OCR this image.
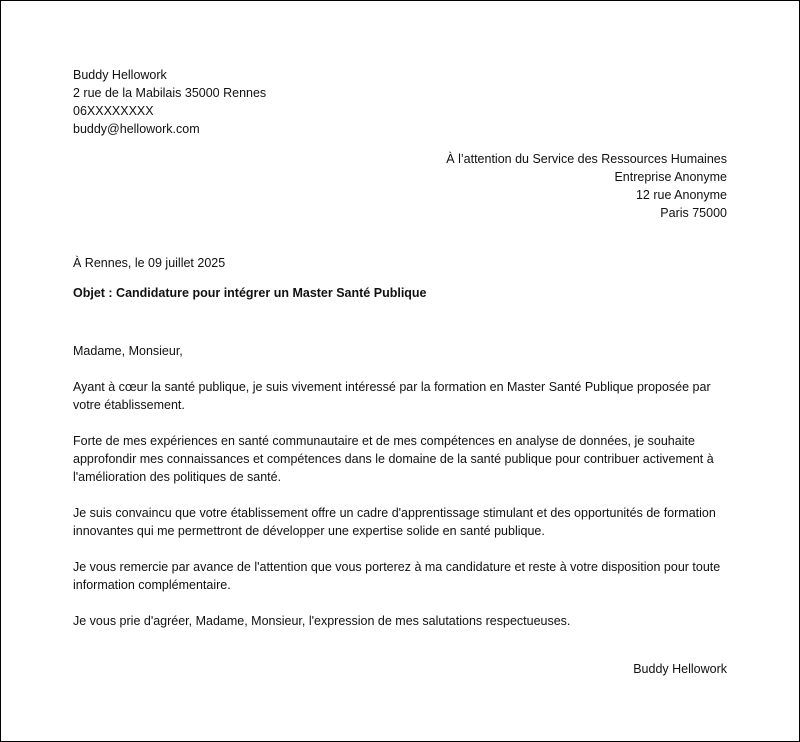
Buddy Hellowork
2 rue de la Mabilais 35000 Rennes
06XXXXXXXX
buddy@hellowork.com
À l’attention du Service des Ressources Humaines
Entreprise Anonyme
12 rue Anonyme
Paris 75000
À Rennes, le 09 juillet 2025
Objet : Candidature pour intégrer un Master Santé Publique

Madame, Monsieur,

Ayant à cœur la santé publique, je suis vivement intéressé par la formation en Master Santé Publique proposée par votre établissement.

Forte de mes expériences en santé communautaire et de mes compétences en analyse de données, je souhaite approfondir mes connaissances et compétences dans le domaine de la santé publique pour contribuer activement à l'amélioration des politiques de santé.

Je suis convaincu que votre établissement offre un cadre d'apprentissage stimulant et des opportunités de formation innovantes qui me permettront de développer une expertise solide en santé publique.

Je vous remercie par avance de l'attention que vous porterez à ma candidature et reste à votre disposition pour toute information complémentaire.

Je vous prie d'agréer, Madame, Monsieur, l'expression de mes salutations respectueuses.

Buddy Hellowork
